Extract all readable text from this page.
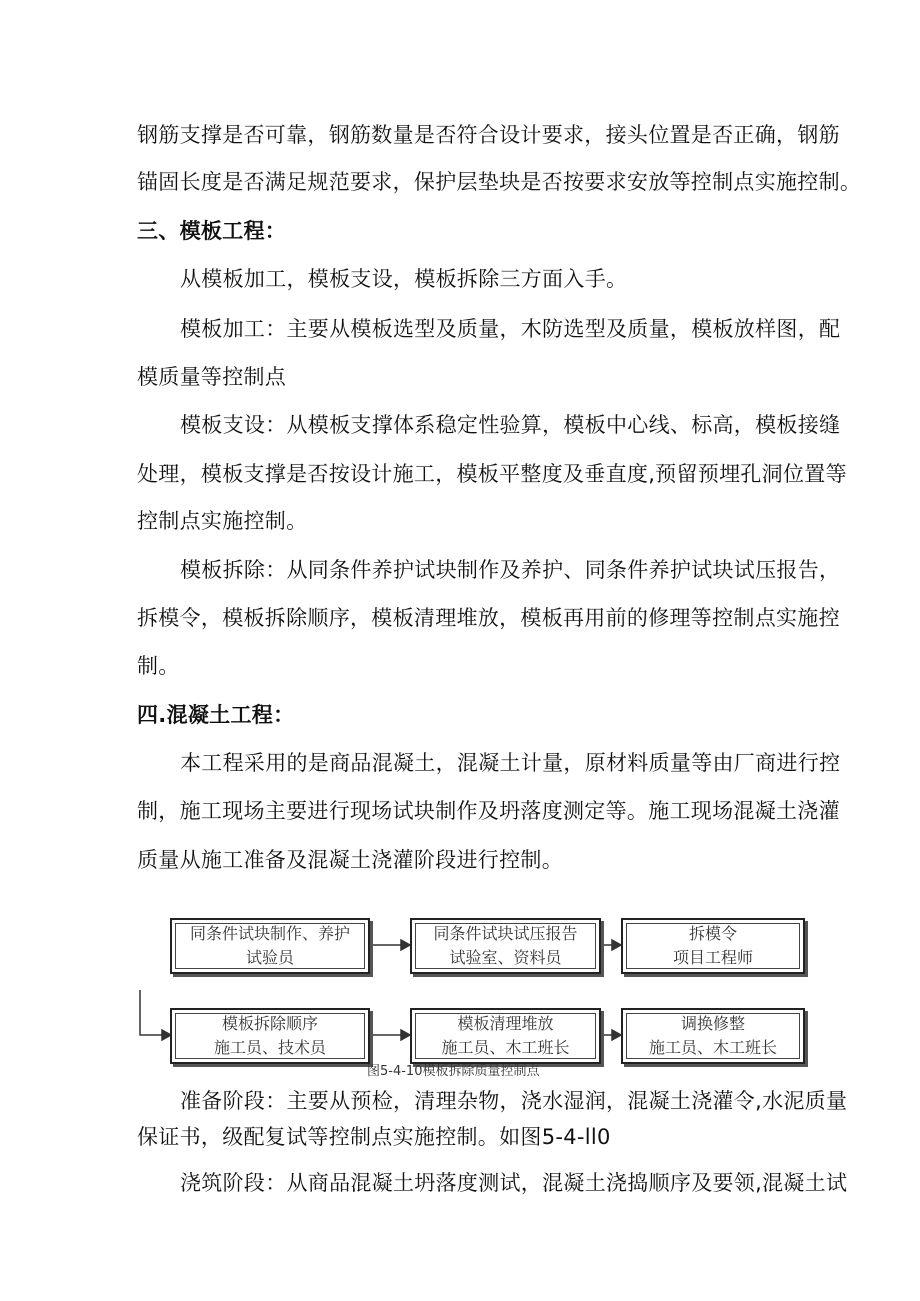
钢筋支撑是否可靠，钢筋数量是否符合设计要求，接头位置是否正确，钢筋
锚固长度是否满足规范要求，保护层垫块是否按要求安放等控制点实施控制。
三、模板工程：
从模板加工，模板支设，模板拆除三方面入手。
模板加工：主要从模板选型及质量，木防选型及质量，模板放样图，配
模质量等控制点
模板支设：从模板支撑体系稳定性验算，模板中心线、标高，模板接缝
处理，模板支撑是否按设计施工，模板平整度及垂直度,预留预埋孔洞位置等
控制点实施控制。
模板拆除：从同条件养护试块制作及养护、同条件养护试块试压报告，
拆模令，模板拆除顺序，模板清理堆放，模板再用前的修理等控制点实施控
制。
四.混凝土工程：
本工程采用的是商品混凝土，混凝土计量，原材料质量等由厂商进行控
制，施工现场主要进行现场试块制作及坍落度测定等。施工现场混凝土浇灌
质量从施工准备及混凝土浇灌阶段进行控制。
同条件试块制作、养护
试验员
同条件试块试压报告
试验室、资料员
拆模令
项目工程师
模板拆除顺序
施工员、技术员
模板清理堆放
施工员、木工班长
调换修整
施工员、木工班长
图5-4-10模板拆除质量控制点
准备阶段：主要从预检，清理杂物，浇水湿润，混凝土浇灌令,水泥质量
保证书，级配复试等控制点实施控制。如图5-4-ll0
浇筑阶段：从商品混凝土坍落度测试，混凝土浇捣顺序及要领,混凝土试
